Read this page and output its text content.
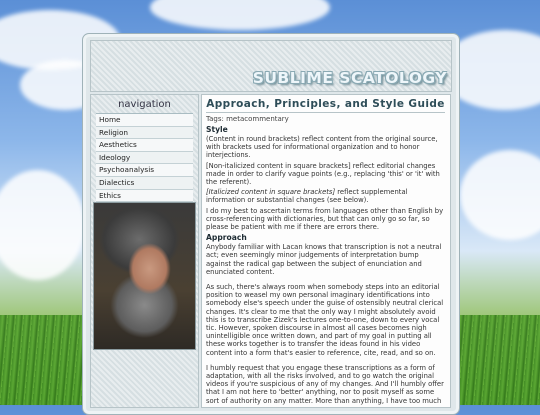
SUBLIME SCATOLOGY
navigation
Home
Religion
Aesthetics
Ideology
Psychoanalysis
Dialectics
Ethics
Approach, Principles, and Style Guide
Tags: metacommentary
Style

(Content in round brackets) reflect content from the original source, with brackets used for informational organization and to honor interjections.

[Non-italicized content in square brackets] reflect editorial changes made in order to clarify vague points (e.g., replacing 'this' or 'it' with the referent).

[Italicized content in square brackets] reflect supplemental information or substantial changes (see below).

I do my best to ascertain terms from languages other than English by cross-referencing with dictionaries, but that can only go so far, so please be patient with me if there are errors there.

Approach

Anybody familiar with Lacan knows that transcription is not a neutral act; even seemingly minor judgements of interpretation bump against the radical gap between the subject of enunciation and enunciated content.

As such, there's always room when somebody steps into an editorial position to weasel my own personal imaginary identifications into somebody else's speech under the guise of ostensibly neutral clerical changes. It's clear to me that the only way I might absolutely avoid this is to transcribe Zizek's lectures one-to-one, down to every vocal tic. However, spoken discourse in almost all cases becomes nigh unintelligible once written down, and part of my goal in putting all these works together is to transfer the ideas found in his video content into a form that's easier to reference, cite, read, and so on.

I humbly request that you engage these transcriptions as a form of adaptation, with all the risks involved, and to go watch the original videos if you're suspicious of any of my changes. And I'll humbly offer that I am not here to 'better' anything, nor to posit myself as some sort of authority on any matter. More than anything, I have too much
